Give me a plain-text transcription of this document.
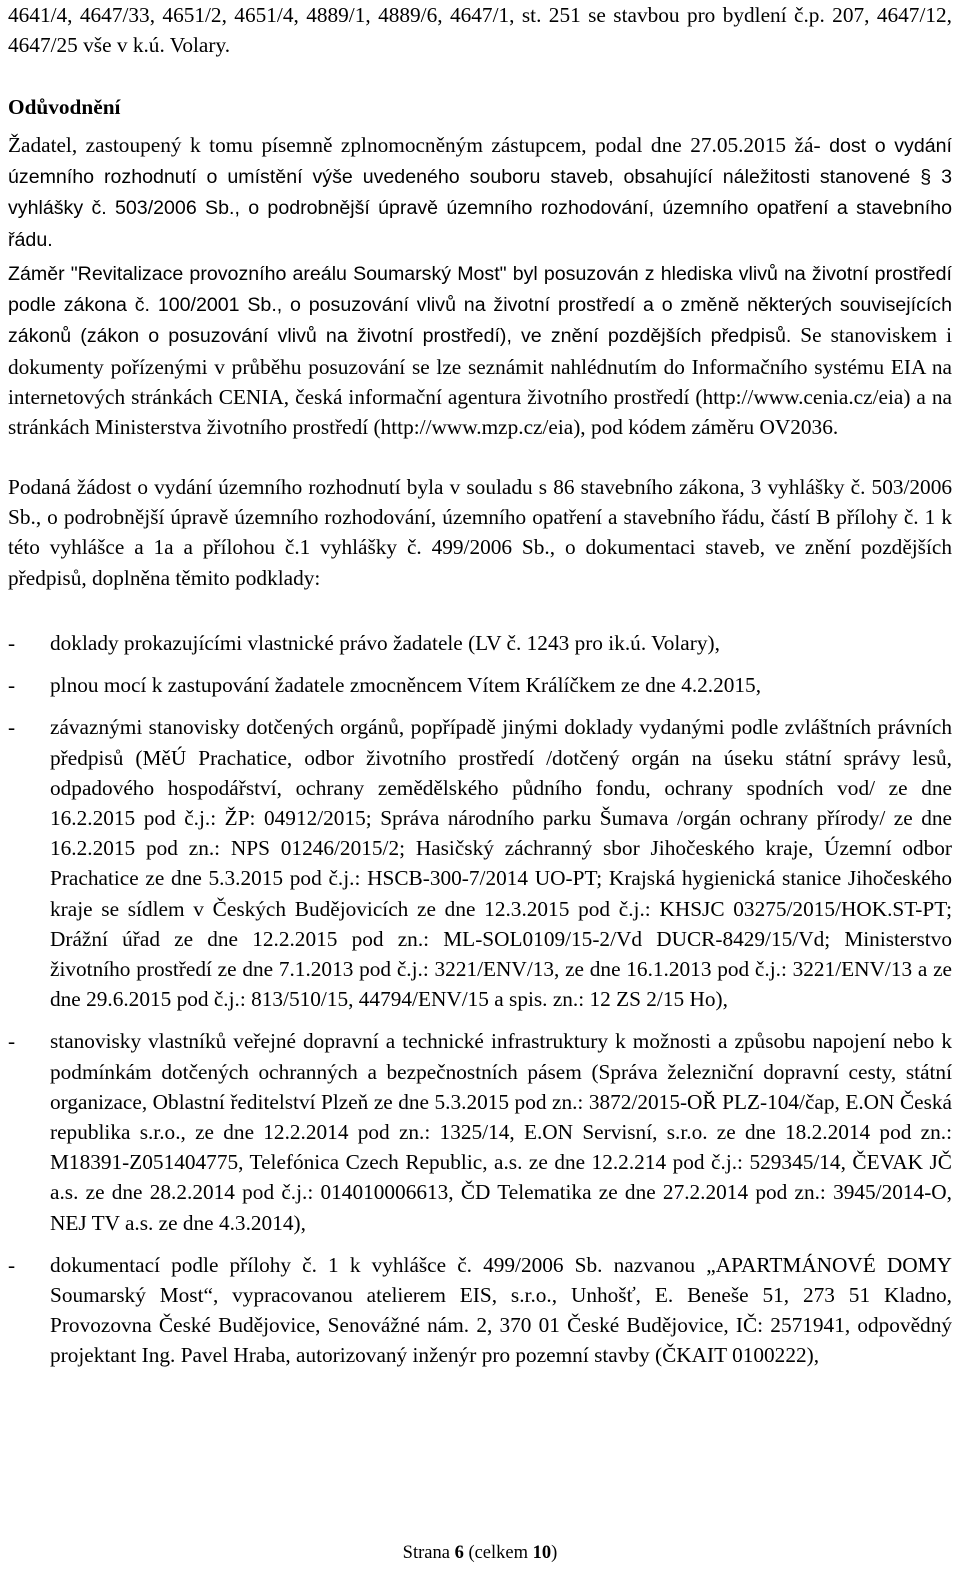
4641/4, 4647/33, 4651/2, 4651/4, 4889/1, 4889/6, 4647/1, st. 251 se stavbou pro bydlení č.p. 207, 4647/12, 4647/25 vše v k.ú. Volary.

Odůvodnění

Žadatel, zastoupený k tomu písemně zplnomocněným zástupcem, podal dne 27.05.2015 žá- dost o vydání územního rozhodnutí o umístění výše uvedeného souboru staveb, obsahující náležitosti stanovené § 3 vyhlášky č. 503/2006 Sb., o podrobnější úpravě územního rozhodování, územního opatření a stavebního řádu.

Záměr "Revitalizace provozního areálu Soumarský Most" byl posuzován z hlediska vlivů na životní prostředí podle zákona č. 100/2001 Sb., o posuzování vlivů na životní prostředí a o změně některých souvisejících zákonů (zákon o posuzování vlivů na životní prostředí), ve znění pozdějších předpisů. Se stanoviskem i dokumenty pořízenými v průběhu posuzování se lze seznámit nahlédnutím do Informačního systému EIA na internetových stránkách CENIA, česká informační agentura životního prostředí (http://www.cenia.cz/eia) a na stránkách Ministerstva životního prostředí (http://www.mzp.cz/eia), pod kódem záměru OV2036.

Podaná žádost o vydání územního rozhodnutí byla v souladu s 86 stavebního zákona, 3 vyhlášky č. 503/2006 Sb., o podrobnější úpravě územního rozhodování, územního opatření a stavebního řádu, částí B přílohy č. 1 k této vyhlášce a 1a a přílohou č.1 vyhlášky č. 499/2006 Sb., o dokumentaci staveb, ve znění pozdějších předpisů, doplněna těmito podklady:

- doklady prokazujícími vlastnické právo žadatele (LV č. 1243 pro ik.ú. Volary),
- plnou mocí k zastupování žadatele zmocněncem Vítem Králíčkem ze dne 4.2.2015,
- závaznými stanovisky dotčených orgánů, popřípadě jinými doklady vydanými podle zvláštních právních předpisů (MěÚ Prachatice, odbor životního prostředí /dotčený orgán na úseku státní správy lesů, odpadového hospodářství, ochrany zemědělského půdního fondu, ochrany spodních vod/ ze dne 16.2.2015 pod č.j.: ŽP: 04912/2015; Správa národního parku Šumava /orgán ochrany přírody/ ze dne 16.2.2015 pod zn.: NPS 01246/2015/2; Hasičský záchranný sbor Jihočeského kraje, Územní odbor Prachatice ze dne 5.3.2015 pod č.j.: HSCB-300-7/2014 UO-PT; Krajská hygienická stanice Jihočeského kraje se sídlem v Českých Budějovicích ze dne 12.3.2015 pod č.j.: KHSJC 03275/2015/HOK.ST-PT; Drážní úřad ze dne 12.2.2015 pod zn.: ML-SOL0109/15-2/Vd DUCR-8429/15/Vd; Ministerstvo životního prostředí ze dne 7.1.2013 pod č.j.: 3221/ENV/13, ze dne 16.1.2013 pod č.j.: 3221/ENV/13 a ze dne 29.6.2015 pod č.j.: 813/510/15, 44794/ENV/15 a spis. zn.: 12 ZS 2/15 Ho),
- stanovisky vlastníků veřejné dopravní a technické infrastruktury k možnosti a způsobu napojení nebo k podmínkám dotčených ochranných a bezpečnostních pásem (Správa železniční dopravní cesty, státní organizace, Oblastní ředitelství Plzeň ze dne 5.3.2015 pod zn.: 3872/2015-OŘ PLZ-104/čap, E.ON Česká republika s.r.o., ze dne 12.2.2014 pod zn.: 1325/14, E.ON Servisní, s.r.o. ze dne 18.2.2014 pod zn.: M18391-Z051404775, Telefónica Czech Republic, a.s. ze dne 12.2.214 pod č.j.: 529345/14, ČEVAK JČ a.s. ze dne 28.2.2014 pod č.j.: 014010006613, ČD Telematika ze dne 27.2.2014 pod zn.: 3945/2014-O, NEJ TV a.s. ze dne 4.3.2014),
- dokumentací podle přílohy č. 1 k vyhlášce č. 499/2006 Sb. nazvanou „APARTMÁNOVÉ DOMY Soumarský Most“, vypracovanou atelierem EIS, s.r.o., Unhošť, E. Beneše 51, 273 51 Kladno, Provozovna České Budějovice, Senovážné nám. 2, 370 01 České Budějovice, IČ: 2571941, odpovědný projektant Ing. Pavel Hraba, autorizovaný inženýr pro pozemní stavby (ČKAIT 0100222),
Strana 6 (celkem 10)
